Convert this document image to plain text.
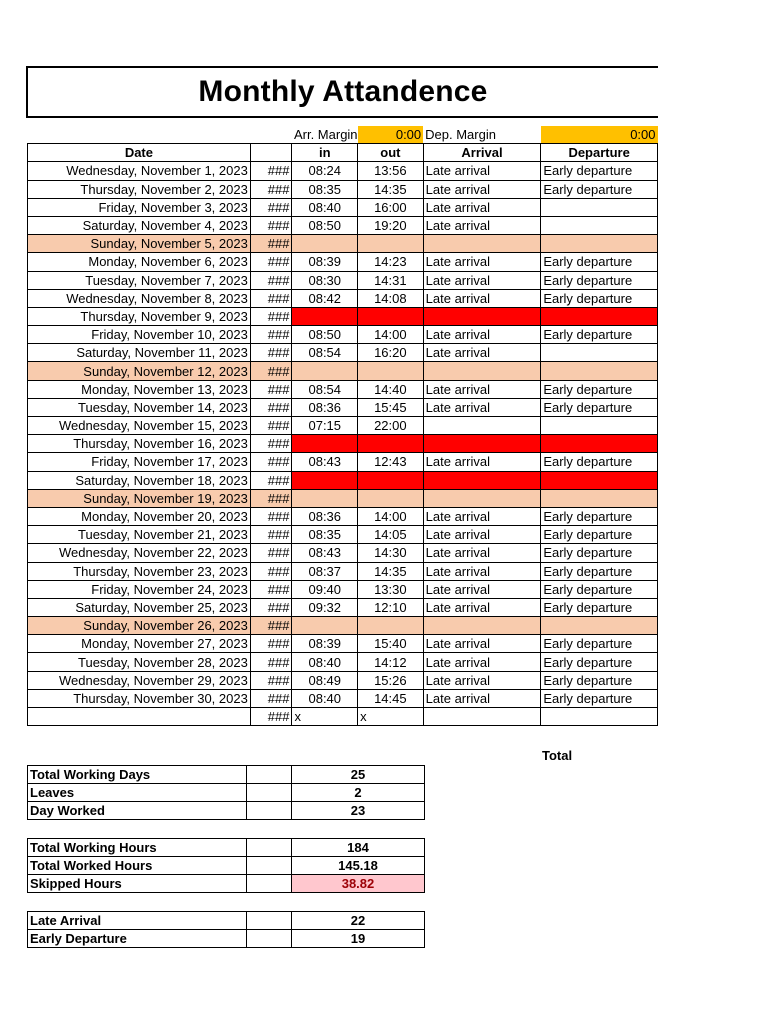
Monthly Attandence
		Arr. Margin	0:00	Dep. Margin	0:00
Date		in	out	Arrival	Departure
Wednesday, November 1, 2023	###	08:24	13:56	Late arrival	Early departure
Thursday, November 2, 2023	###	08:35	14:35	Late arrival	Early departure
Friday, November 3, 2023	###	08:40	16:00	Late arrival	
Saturday, November 4, 2023	###	08:50	19:20	Late arrival	
Sunday, November 5, 2023	###				
Monday, November 6, 2023	###	08:39	14:23	Late arrival	Early departure
Tuesday, November 7, 2023	###	08:30	14:31	Late arrival	Early departure
Wednesday, November 8, 2023	###	08:42	14:08	Late arrival	Early departure
Thursday, November 9, 2023	###				
Friday, November 10, 2023	###	08:50	14:00	Late arrival	Early departure
Saturday, November 11, 2023	###	08:54	16:20	Late arrival	
Sunday, November 12, 2023	###				
Monday, November 13, 2023	###	08:54	14:40	Late arrival	Early departure
Tuesday, November 14, 2023	###	08:36	15:45	Late arrival	Early departure
Wednesday, November 15, 2023	###	07:15	22:00		
Thursday, November 16, 2023	###				
Friday, November 17, 2023	###	08:43	12:43	Late arrival	Early departure
Saturday, November 18, 2023	###				
Sunday, November 19, 2023	###				
Monday, November 20, 2023	###	08:36	14:00	Late arrival	Early departure
Tuesday, November 21, 2023	###	08:35	14:05	Late arrival	Early departure
Wednesday, November 22, 2023	###	08:43	14:30	Late arrival	Early departure
Thursday, November 23, 2023	###	08:37	14:35	Late arrival	Early departure
Friday, November 24, 2023	###	09:40	13:30	Late arrival	Early departure
Saturday, November 25, 2023	###	09:32	12:10	Late arrival	Early departure
Sunday, November 26, 2023	###				
Monday, November 27, 2023	###	08:39	15:40	Late arrival	Early departure
Tuesday, November 28, 2023	###	08:40	14:12	Late arrival	Early departure
Wednesday, November 29, 2023	###	08:49	15:26	Late arrival	Early departure
Thursday, November 30, 2023	###	08:40	14:45	Late arrival	Early departure
	###	x	x		
Total
Total Working Days		25
Leaves		2
Day Worked		23
Total Working Hours		184
Total Worked Hours		145.18
Skipped Hours		38.82
Late Arrival		22
Early Departure		19
